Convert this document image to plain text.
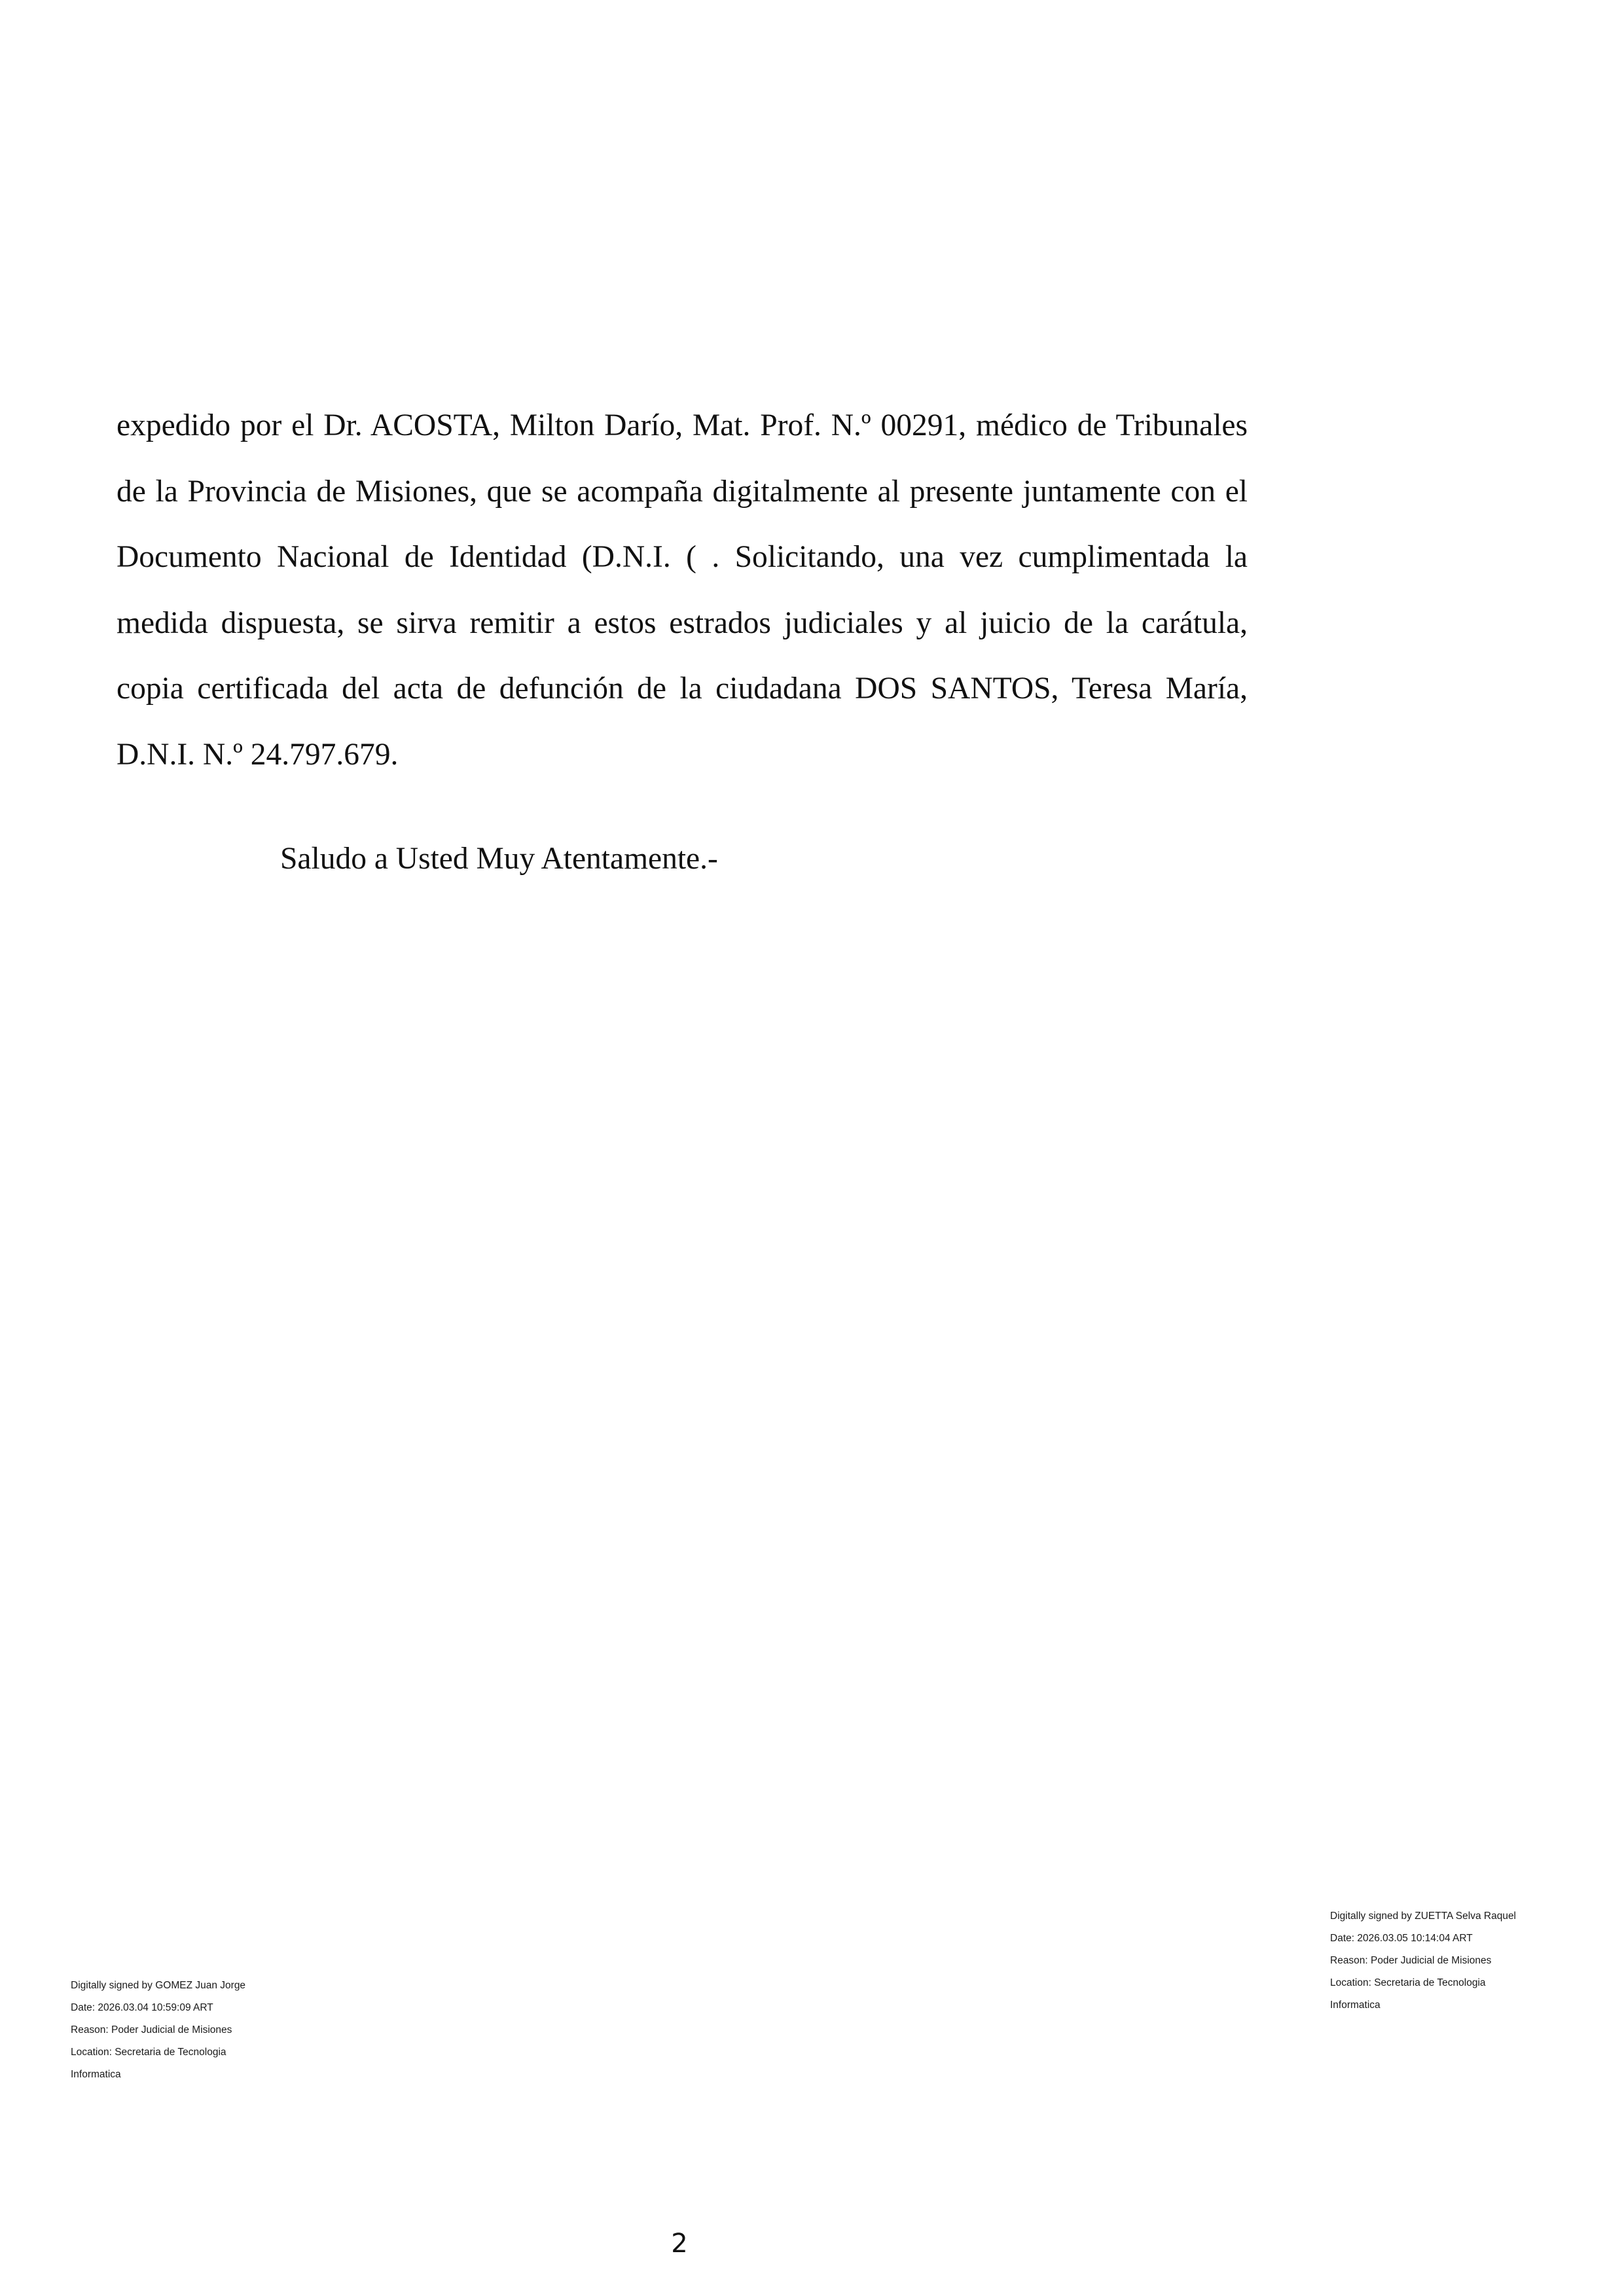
expedido por el Dr. ACOSTA, Milton Darío, Mat. Prof. N.º 00291, médico de Tribunales de la Provincia de Misiones, que se acompaña digitalmente al presente juntamente con el Documento Nacional de Identidad (D.N.I. ( . Solicitando, una vez cumplimentada la medida dispuesta, se sirva remitir a estos estrados judiciales y al juicio de la carátula, copia certificada del acta de defunción de la ciudadana DOS SANTOS, Teresa María, D.N.I. N.º 24.797.679.

Saludo a Usted Muy Atentamente.-

Digitally signed by ZUETTA Selva Raquel

Date: 2026.03.05 10:14:04 ART

Reason: Poder Judicial de Misiones

Location: Secretaria de Tecnologia

Informatica

Digitally signed by GOMEZ Juan Jorge

Date: 2026.03.04 10:59:09 ART

Reason: Poder Judicial de Misiones

Location: Secretaria de Tecnologia

Informatica

2
